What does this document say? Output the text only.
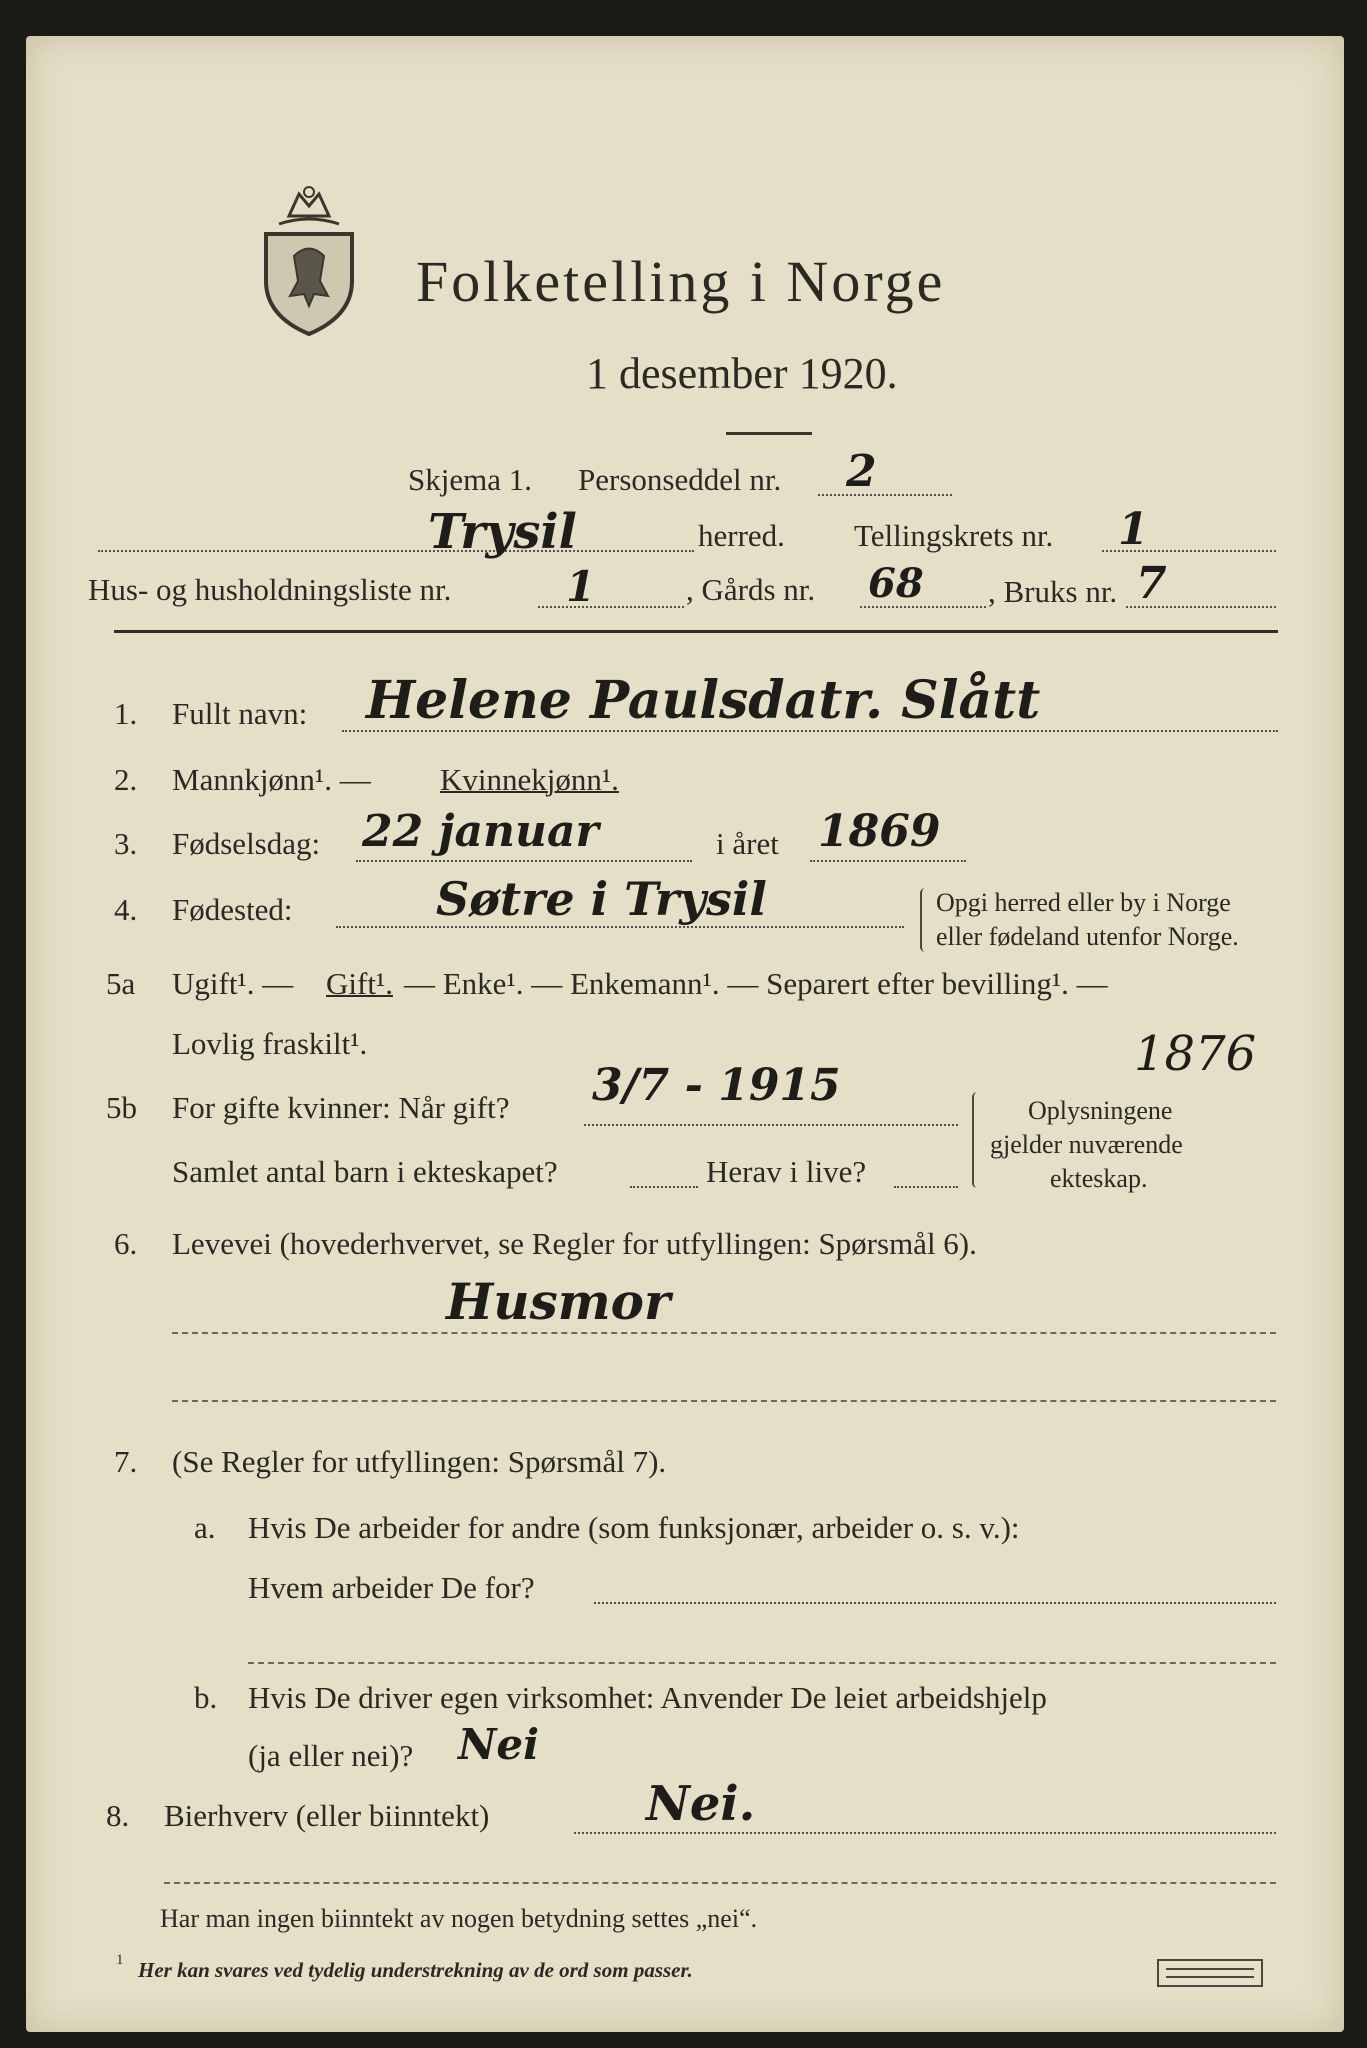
Folketelling i Norge
1 desember 1920.
Skjema 1. Personseddel nr. 2
Trysil	herred. Tellingskrets nr. 1
Hus- og husholdningsliste nr.	1	, Gårds nr. 68 , Bruks nr. 7
1. Fullt navn: Helene Paulsdatr. Slått
2. Mannkjønn¹. — Kvinnekjønn¹.
3. Fødselsdag: 22 januar	i året 1869
4. Fødested:	Søtre i Trysil	Opgi herred eller by i Norge
eller fødeland utenfor Norge.
5a Ugift¹. — Gift¹. — Enke¹. — Enkemann¹. — Separert efter bevilling¹. —
Lovlig fraskilt¹.	1876
5b For gifte kvinner: Når gift? 3/7 - 1915
Samlet antal barn i ekteskapet?	Herav i live?
Oplysningene
gjelder nuværende
ekteskap.
6. Levevei (hovederhvervet, se Regler for utfyllingen: Spørsmål 6).
Husmor
7. (Se Regler for utfyllingen: Spørsmål 7).
a. Hvis De arbeider for andre (som funksjonær, arbeider o. s. v.):
Hvem arbeider De for?
b. Hvis De driver egen virksomhet: Anvender De leiet arbeidshjelp
(ja eller nei)? Nei
8. Bierhverv (eller biinntekt)	Nei.
Har man ingen biinntekt av nogen betydning settes „nei“.
1 Her kan svares ved tydelig understrekning av de ord som passer.
